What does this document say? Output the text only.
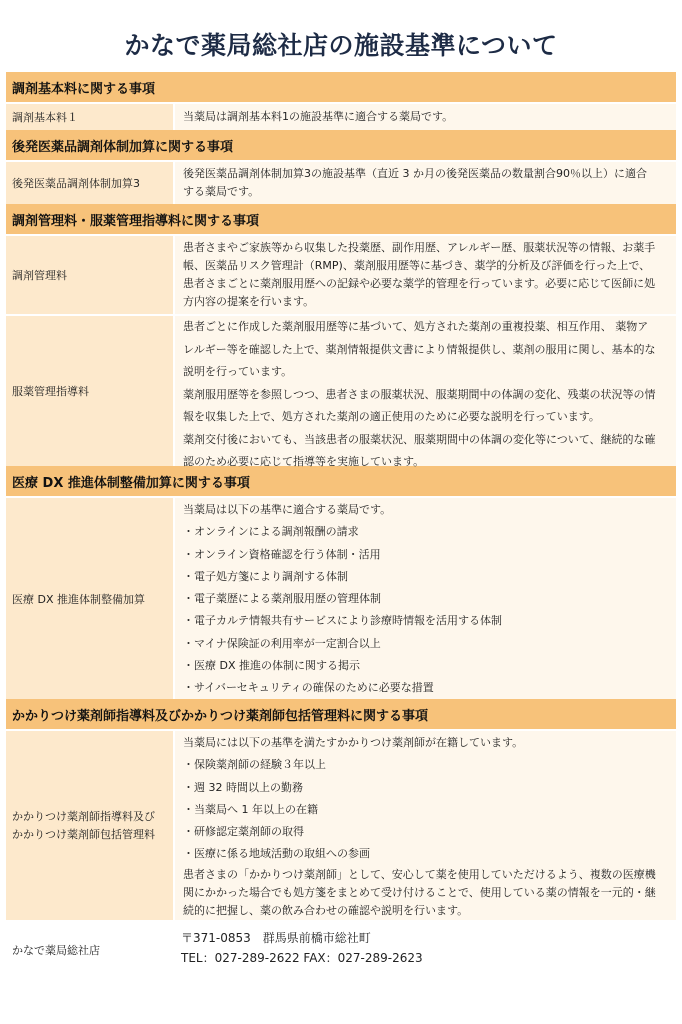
かなで薬局総社店の施設基準について
調剤基本料に関する事項
調剤基本料１	当薬局は調剤基本料1の施設基準に適合する薬局です。

後発医薬品調剤体制加算に関する事項
後発医薬品調剤体制加算3

後発医薬品調剤体制加算3の施設基準（直近 3 か月の後発医薬品の数量割合90％以上）に適合

する薬局です。

調剤管理料・服薬管理指導料に関する事項
調剤管理料

患者さまやご家族等から収集した投薬歴、副作用歴、アレルギー歴、服薬状況等の情報、お薬手

帳、医薬品リスク管理計（RMP)、薬剤服用歴等に基づき、薬学的分析及び評価を行った上で、

患者さまごとに薬剤服用歴への記録や必要な薬学的管理を行っています。必要に応じて医師に処

方内容の提案を行います。

服薬管理指導料

患者ごとに作成した薬剤服用歴等に基づいて、処方された薬剤の重複投薬、相互作用、 薬物ア

レルギー等を確認した上で、薬剤情報提供文書により情報提供し、薬剤の服用に関し、基本的な

説明を行っています。

薬剤服用歴等を参照しつつ、患者さまの服薬状況、服薬期間中の体調の変化、残薬の状況等の情

報を収集した上で、処方された薬剤の適正使用のために必要な説明を行っています。

薬剤交付後においても、当該患者の服薬状況、服薬期間中の体調の変化等について、継続的な確

認のため必要に応じて指導等を実施しています。

医療 DX 推進体制整備加算に関する事項
医療 DX 推進体制整備加算
当薬局は以下の基準に適合する薬局です。
・オンラインによる調剤報酬の請求
・オンライン資格確認を行う体制・活用
・電子処方箋により調剤する体制
・電子薬歴による薬剤服用歴の管理体制
・電子カルテ情報共有サービスにより診療時情報を活用する体制
・マイナ保険証の利用率が一定割合以上
・医療 DX 推進の体制に関する掲示
・サイバーセキュリティの確保のために必要な措置
かかりつけ薬剤師指導料及びかかりつけ薬剤師包括管理料に関する事項
かかりつけ薬剤師指導料及び
かかりつけ薬剤師包括管理料
当薬局には以下の基準を満たすかかりつけ薬剤師が在籍しています。
・保険薬剤師の経験３年以上
・週 32 時間以上の勤務
・当薬局へ 1 年以上の在籍
・研修認定薬剤師の取得
・医療に係る地域活動の取組への参画

患者さまの「かかりつけ薬剤師」として、安心して薬を使用していただけるよう、複数の医療機

関にかかった場合でも処方箋をまとめて受け付けることで、使用している薬の情報を一元的・継

続的に把握し、薬の飲み合わせの確認や説明を行います。

かなで薬局総社店

〒371-0853　群馬県前橋市総社町

TEL：027-289-2622 FAX：027-289-2623
